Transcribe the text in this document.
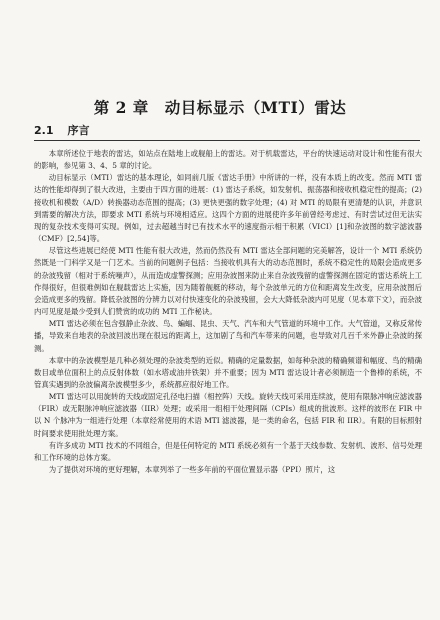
第 2 章　动目标显示（MTI）雷达
2.1 序言

本章所述位于地表的雷达，如站点在陆地上或舰船上的雷达。对于机载雷达，平台的快速运动对设计和性能有很大的影响，参见第 3、4、5 章的讨论。

动目标显示（MTI）雷达的基本理论，如同前几版《雷达手册》中所讲的一样，没有本质上的改变。然而 MTI 雷达的性能却得到了很大改进，主要由于四方面的进展：(1) 雷达子系统，如发射机、振荡器和接收机稳定性的提高；(2) 接收机和模数（A/D）转换器动态范围的提高；(3) 更快更强的数字处理；(4) 对 MTI 的局限有更清楚的认识，并意识到需要的解决方法，即要求 MTI 系统与环境相适应。这四个方面的进展使许多年前曾经考虑过、有时尝试过但无法实现的复杂技术变得可实现。例如，过去超越当时已有技术水平的速度指示相干积累（VICI）[1]和杂波图的数字滤波器（CMF）[2,54]等。

尽管这些进展已经使 MTI 性能有很大改进，然而仍然没有 MTI 雷达全部问题的完美解答，设计一个 MTI 系统仍然既是一门科学又是一门艺术。当前的问题例子包括：当接收机具有大的动态范围时，系统不稳定性的局限会造成更多的杂波残留（相对于系统噪声），从而造成虚警探测；应用杂波图来防止来自杂波残留的虚警探测在固定的雷达系统上工作得很好，但很难例如在舰载雷达上实施，因为随着舰艇的移动，每个杂波单元的方位和距离发生改变，应用杂波图后会造成更多的残留。降低杂波图的分辨力以对付快速变化的杂波残留，会大大降低杂波内可见度（见本章下文），而杂波内可见度是最少受到人们赞赏的成功的 MTI 工作秘诀。

MTI 雷达必须在包含强静止杂波、鸟、蝙蝠、昆虫、天气、汽车和大气管道的环境中工作。大气管道，又称反常传播，导致来自地表的杂波回波出现在很远的距离上，这加剧了鸟和汽车带来的问题，也导致对几百千米外静止杂波的探测。

本章中的杂波模型是几种必须处理的杂波类型的近似。精确的定量数据，如每种杂波的精确频谱和幅度、鸟的精确数目或单位面积上的点反射体数（如水塔或油井铁架）并不重要；因为 MTI 雷达设计者必须制造一个鲁棒的系统，不管真实遇到的杂波偏离杂波模型多少，系统都应很好地工作。

MTI 雷达可以用旋转的天线或固定孔径电扫描（相控阵）天线。旋转天线可采用连续波，使用有限脉冲响应滤波器（FIR）或无限脉冲响应滤波器（IIR）处理；或采用一组相干处理间隔（CPIs）组成的批波形。这样的波形在 FIR 中以 N 个脉冲为一组进行处理（本章经常使用的术语 MTI 滤波器，是一类的命名，包括 FIR 和 IIR）。有限的目标照射时间要求使用批处理方案。

有许多成功 MTI 技术的不同组合，但是任何特定的 MTI 系统必须有一个基于天线参数、发射机、波形、信号处理和工作环境的总体方案。

为了提供对环境的更好理解，本章列举了一些多年前的平面位置显示器（PPI）照片，这
